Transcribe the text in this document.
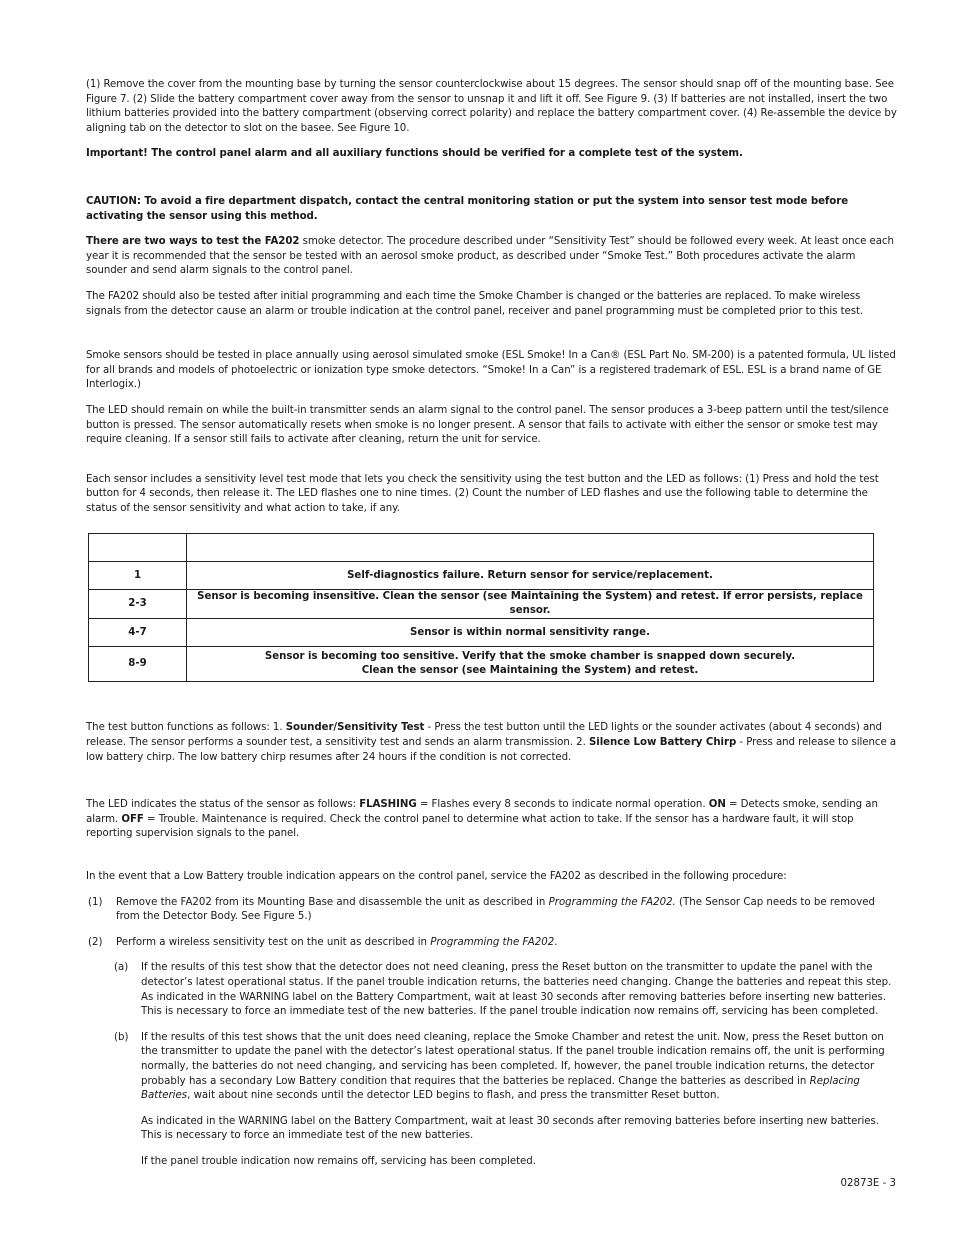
(1) Remove the cover from the mounting base by turning the sensor counterclockwise about 15 degrees. The sensor should snap off of the mounting base. See Figure 7. (2) Slide the battery compartment cover away from the sensor to unsnap it and lift it off. See Figure 9. (3) If batteries are not installed, insert the two lithium batteries provided into the battery compartment (observing correct polarity) and replace the battery compartment cover. (4) Re-assemble the device by aligning tab on the detector to slot on the basee. See Figure 10.

Important! The control panel alarm and all auxiliary functions should be verified for a complete test of the system.

CAUTION: To avoid a fire department dispatch, contact the central monitoring station or put the system into sensor test mode before activating the sensor using this method.

There are two ways to test the FA202 smoke detector. The procedure described under “Sensitivity Test” should be followed every week. At least once each year it is recommended that the sensor be tested with an aerosol smoke product, as described under “Smoke Test.” Both procedures activate the alarm sounder and send alarm signals to the control panel.

The FA202 should also be tested after initial programming and each time the Smoke Chamber is changed or the batteries are replaced. To make wireless signals from the detector cause an alarm or trouble indication at the control panel, receiver and panel programming must be completed prior to this test.

Smoke sensors should be tested in place annually using aerosol simulated smoke (ESL Smoke! In a Can® (ESL Part No. SM-200) is a patented formula, UL listed for all brands and models of photoelectric or ionization type smoke detectors. “Smoke! In a Can” is a registered trademark of ESL. ESL is a brand name of GE Interlogix.)

The LED should remain on while the built-in transmitter sends an alarm signal to the control panel. The sensor produces a 3-beep pattern until the test/silence button is pressed. The sensor automatically resets when smoke is no longer present. A sensor that fails to activate with either the sensor or smoke test may require cleaning. If a sensor still fails to activate after cleaning, return the unit for service.

Each sensor includes a sensitivity level test mode that lets you check the sensitivity using the test button and the LED as follows: (1) Press and hold the test button for 4 seconds, then release it. The LED flashes one to nine times. (2) Count the number of LED flashes and use the following table to determine the status of the sensor sensitivity and what action to take, if any.

1	Self-diagnostics failure. Return sensor for service/replacement.
2-3	Sensor is becoming insensitive. Clean the sensor (see Maintaining the System) and retest. If error persists, replace sensor.
4-7	Sensor is within normal sensitivity range.
8-9	Sensor is becoming too sensitive. Verify that the smoke chamber is snapped down securely.
Clean the sensor (see Maintaining the System) and retest.

The test button functions as follows: 1. Sounder/Sensitivity Test - Press the test button until the LED lights or the sounder activates (about 4 seconds) and release. The sensor performs a sounder test, a sensitivity test and sends an alarm transmission. 2. Silence Low Battery Chirp - Press and release to silence a low battery chirp. The low battery chirp resumes after 24 hours if the condition is not corrected.

The LED indicates the status of the sensor as follows: FLASHING = Flashes every 8 seconds to indicate normal operation. ON = Detects smoke, sending an alarm. OFF = Trouble. Maintenance is required. Check the control panel to determine what action to take. If the sensor has a hardware fault, it will stop reporting supervision signals to the panel.

In the event that a Low Battery trouble indication appears on the control panel, service the FA202 as described in the following procedure:

(1)	Remove the FA202 from its Mounting Base and disassemble the unit as described in Programming the FA202. (The Sensor Cap needs to be removed from the Detector Body. See Figure 5.)
(2)	Perform a wireless sensitivity test on the unit as described in Programming the FA202.
(a)	If the results of this test show that the detector does not need cleaning, press the Reset button on the transmitter to update the panel with the detector’s latest operational status. If the panel trouble indication returns, the batteries need changing. Change the batteries and repeat this step. As indicated in the WARNING label on the Battery Compartment, wait at least 30 seconds after removing batteries before inserting new batteries. This is necessary to force an immediate test of the new batteries. If the panel trouble indication now remains off, servicing has been completed.
(b)	If the results of this test shows that the unit does need cleaning, replace the Smoke Chamber and retest the unit. Now, press the Reset button on the transmitter to update the panel with the detector’s latest operational status. If the panel trouble indication remains off, the unit is performing normally, the batteries do not need changing, and servicing has been completed. If, however, the panel trouble indication returns, the detector probably has a secondary Low Battery condition that requires that the batteries be replaced. Change the batteries as described in Replacing Batteries, wait about nine seconds until the detector LED begins to flash, and press the transmitter Reset button.

As indicated in the WARNING label on the Battery Compartment, wait at least 30 seconds after removing batteries before inserting new batteries. This is necessary to force an immediate test of the new batteries.

If the panel trouble indication now remains off, servicing has been completed.

02873E - 3
